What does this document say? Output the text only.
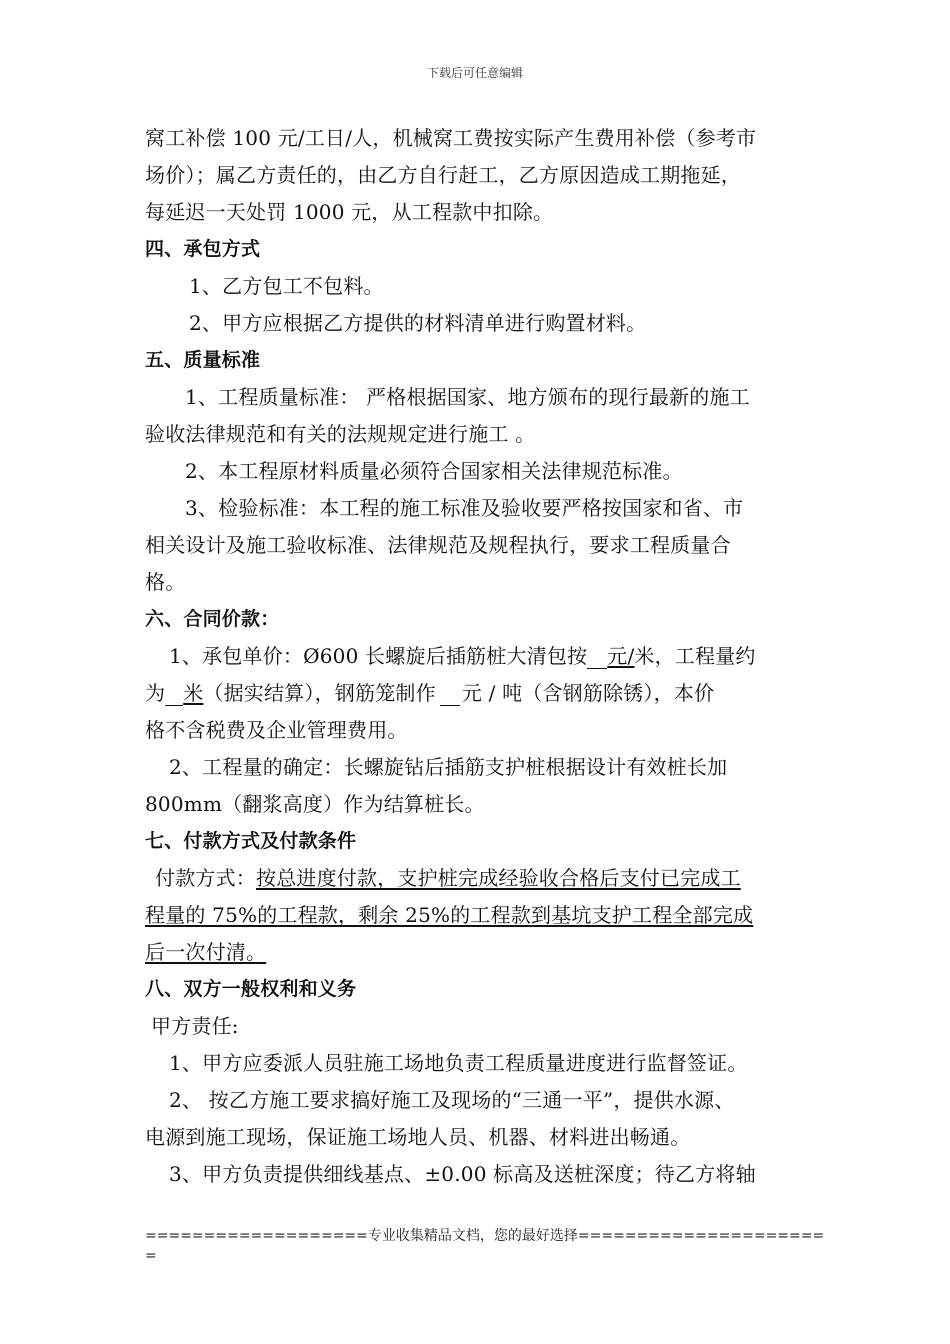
下载后可任意编辑
窝工补偿 100 元/工日/人，机械窝工费按实际产生费用补偿（参考市
场价）；属乙方责任的，由乙方自行赶工，乙方原因造成工期拖延，
每延迟一天处罚 1000 元，从工程款中扣除。
四、承包方式
1、乙方包工不包料。
2、甲方应根据乙方提供的材料清单进行购置材料。
五、质量标准
1、工程质量标准： 严格根据国家、地方颁布的现行最新的施工
验收法律规范和有关的法规规定进行施工 。
2、本工程原材料质量必须符合国家相关法律规范标准。
3、检验标准：本工程的施工标准及验收要严格按国家和省、市
相关设计及施工验收标准、法律规范及规程执行，要求工程质量合
格。
六、合同价款：
1、承包单价：Ø600 长螺旋后插筋桩大清包按 元/米，工程量约
为 米（据实结算），钢筋笼制作 元 / 吨（含钢筋除锈），本价
格不含税费及企业管理费用。
2、工程量的确定：长螺旋钻后插筋支护桩根据设计有效桩长加
800mm（翻浆高度）作为结算桩长。
七、付款方式及付款条件
付款方式：按总进度付款，支护桩完成经验收合格后支付已完成工
程量的 75%的工程款，剩余 25%的工程款到基坑支护工程全部完成
后一次付清。
八、双方一般权利和义务
甲方责任:
1、甲方应委派人员驻施工场地负责工程质量进度进行监督签证。
2、 按乙方施工要求搞好施工及现场的“三通一平”，提供水源、
电源到施工现场，保证施工场地人员、机器、材料进出畅通。
3、甲方负责提供细线基点、±0.00 标高及送桩深度；待乙方将轴
===================专业收集精品文档，您的最好选择=====================
=
